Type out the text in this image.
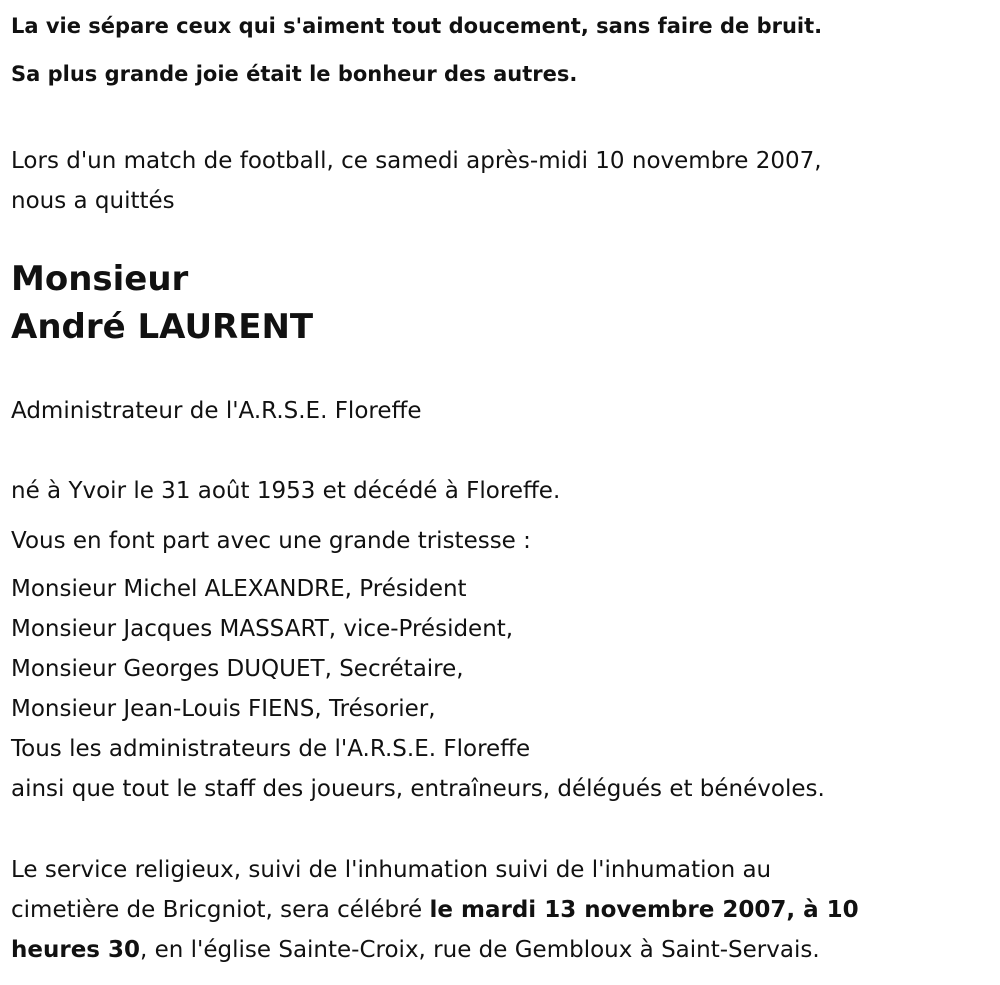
La vie sépare ceux qui s'aiment tout doucement, sans faire de bruit.

Sa plus grande joie était le bonheur des autres.

Lors d'un match de football, ce samedi après-midi 10 novembre 2007,
nous a quittés

Monsieur
André LAURENT

Administrateur de l'A.R.S.E. Floreffe

né à Yvoir le 31 août 1953 et décédé à Floreffe.

Vous en font part avec une grande tristesse :

Monsieur Michel ALEXANDRE, Président
Monsieur Jacques MASSART, vice-Président,
Monsieur Georges DUQUET, Secrétaire,
Monsieur Jean-Louis FIENS, Trésorier,
Tous les administrateurs de l'A.R.S.E. Floreffe
ainsi que tout le staff des joueurs, entraîneurs, délégués et bénévoles.

Le service religieux, suivi de l'inhumation suivi de l'inhumation au
cimetière de Bricgniot, sera célébré le mardi 13 novembre 2007, à 10
heures 30, en l'église Sainte-Croix, rue de Gembloux à Saint-Servais.
